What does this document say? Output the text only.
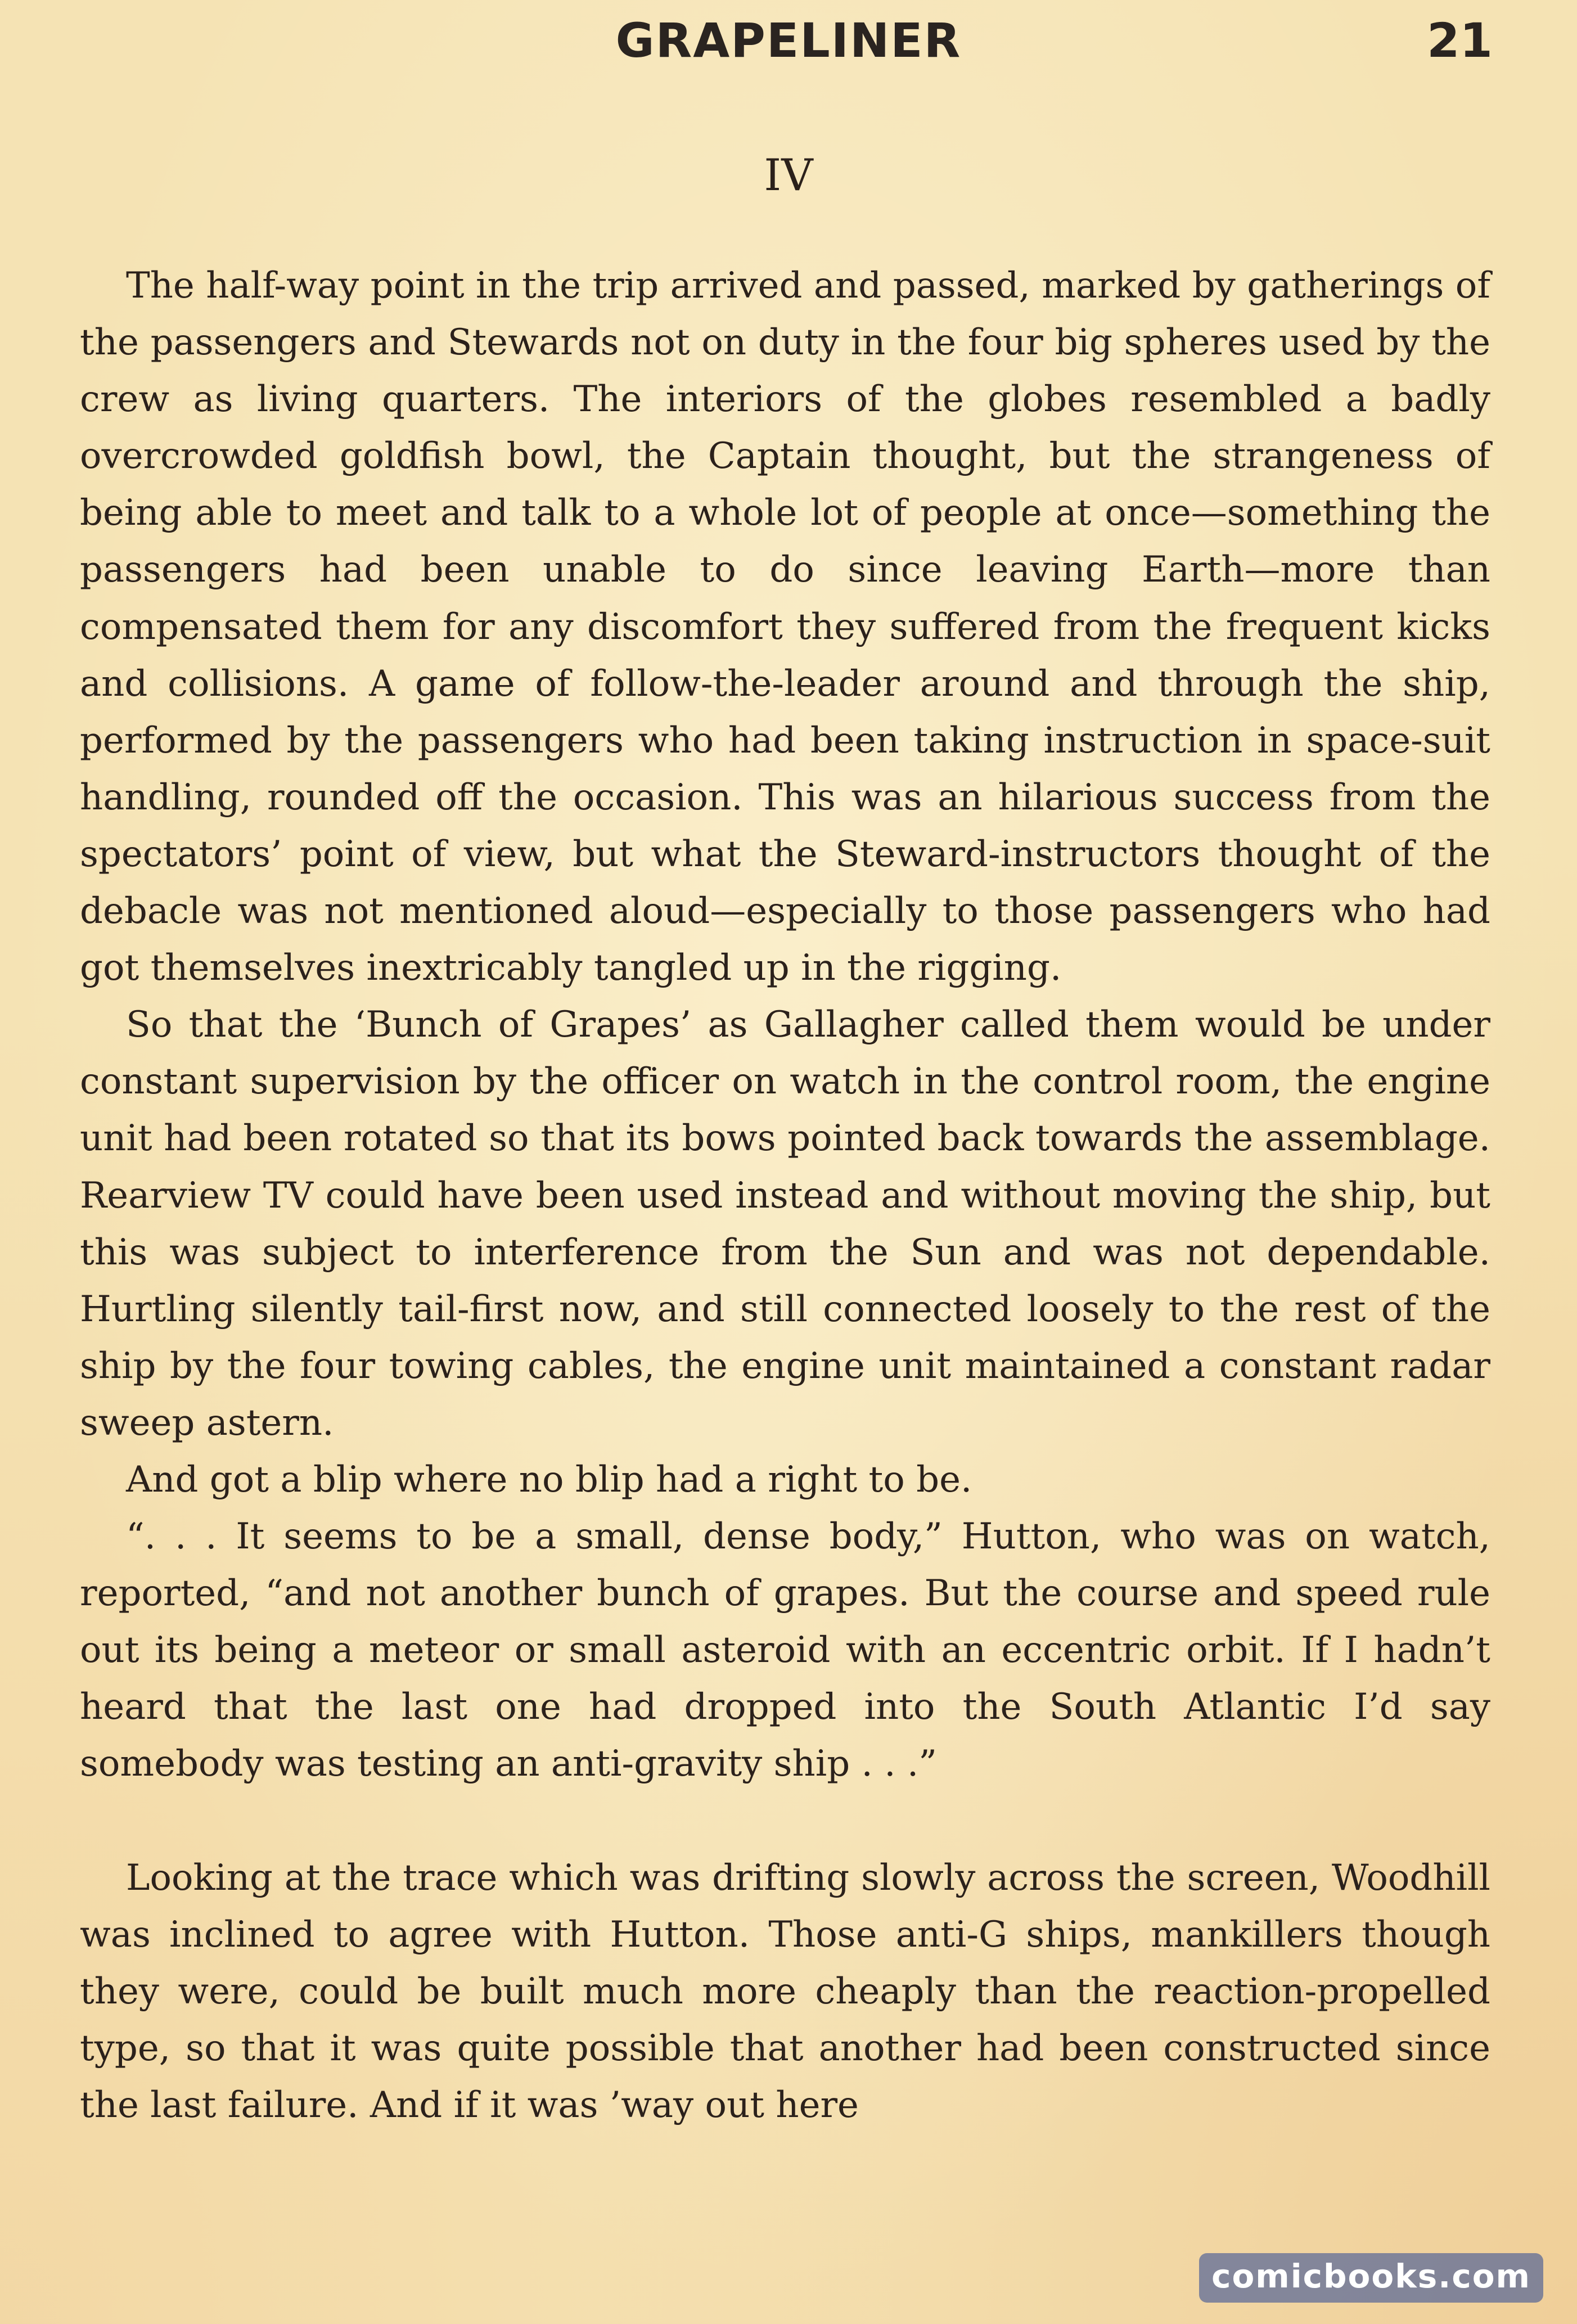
GRAPELINER	21
IV

The half-way point in the trip arrived and passed, marked by gatherings of the passengers and Stewards not on duty in the four big spheres used by the crew as living quarters. The interiors of the globes resembled a badly overcrowded goldfish bowl, the Captain thought, but the strangeness of being able to meet and talk to a whole lot of people at once—something the passengers had been unable to do since leaving Earth—more than compensated them for any discomfort they suffered from the frequent kicks and collisions. A game of follow-the-leader around and through the ship, performed by the passengers who had been taking instruction in space-suit handling, rounded off the occasion. This was an hilarious success from the spectators’ point of view, but what the Steward-instructors thought of the debacle was not mentioned aloud—especially to those passengers who had got themselves inextricably tangled up in the rigging.

So that the ‘Bunch of Grapes’ as Gallagher called them would be under constant supervision by the officer on watch in the control room, the engine unit had been rotated so that its bows pointed back towards the assemblage. Rearview TV could have been used instead and without moving the ship, but this was subject to interference from the Sun and was not dependable. Hurtling silently tail-first now, and still connected loosely to the rest of the ship by the four towing cables, the engine unit maintained a constant radar sweep astern.

And got a blip where no blip had a right to be.

“. . . It seems to be a small, dense body,” Hutton, who was on watch, reported, “and not another bunch of grapes. But the course and speed rule out its being a meteor or small asteroid with an eccentric orbit. If I hadn’t heard that the last one had dropped into the South Atlantic I’d say somebody was testing an anti-gravity ship . . .”

Looking at the trace which was drifting slowly across the screen, Woodhill was inclined to agree with Hutton. Those anti-G ships, mankillers though they were, could be built much more cheaply than the reaction-propelled type, so that it was quite possible that another had been constructed since the last failure. And if it was ’way out here

comicbooks.com
